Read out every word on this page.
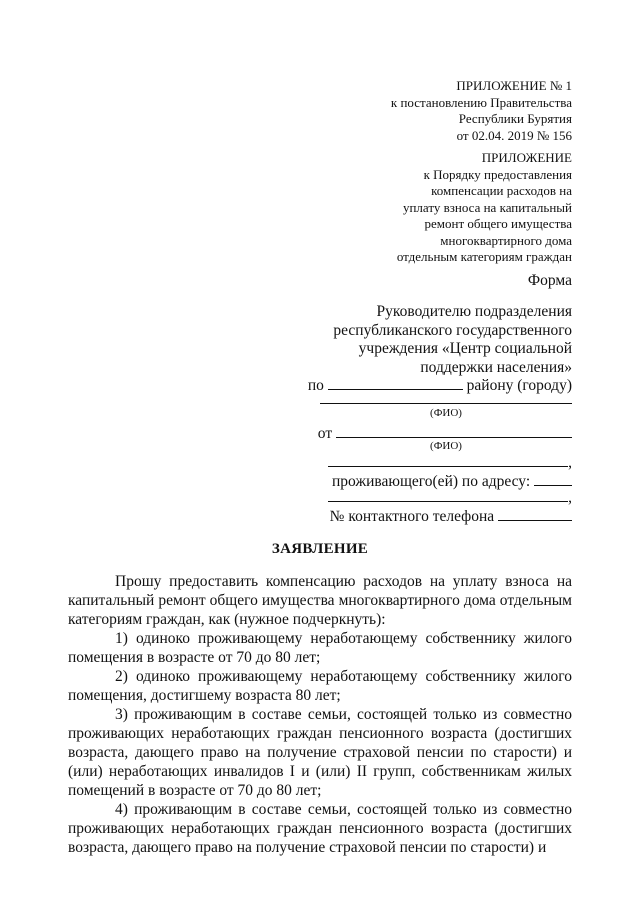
ПРИЛОЖЕНИЕ № 1
к постановлению Правительства
Республики Бурятия
от 02.04. 2019 № 156
ПРИЛОЖЕНИЕ
к Порядку предоставления
компенсации расходов на
уплату взноса на капитальный
ремонт общего имущества
многоквартирного дома
отдельным категориям граждан
Форма
Руководителю подразделения
республиканского государственного
учреждения «Центр социальной
поддержки населения»
по	району (городу)
(ФИО)
от
(ФИО)
,
проживающего(ей) по адресу:
,
№ контактного телефона
ЗАЯВЛЕНИЕ

Прошу предоставить компенсацию расходов на уплату взноса на капитальный ремонт общего имущества многоквартирного дома отдельным категориям граждан, как (нужное подчеркнуть):

1) одиноко проживающему неработающему собственнику жилого помещения в возрасте от 70 до 80 лет;

2) одиноко проживающему неработающему собственнику жилого помещения, достигшему возраста 80 лет;

3) проживающим в составе семьи, состоящей только из совместно проживающих неработающих граждан пенсионного возраста (достигших возраста, дающего право на получение страховой пенсии по старости) и (или) неработающих инвалидов I и (или) II групп, собственникам жилых помещений в возрасте от 70 до 80 лет;

4) проживающим в составе семьи, состоящей только из совместно проживающих неработающих граждан пенсионного возраста (достигших возраста, дающего право на получение страховой пенсии по старости) и
